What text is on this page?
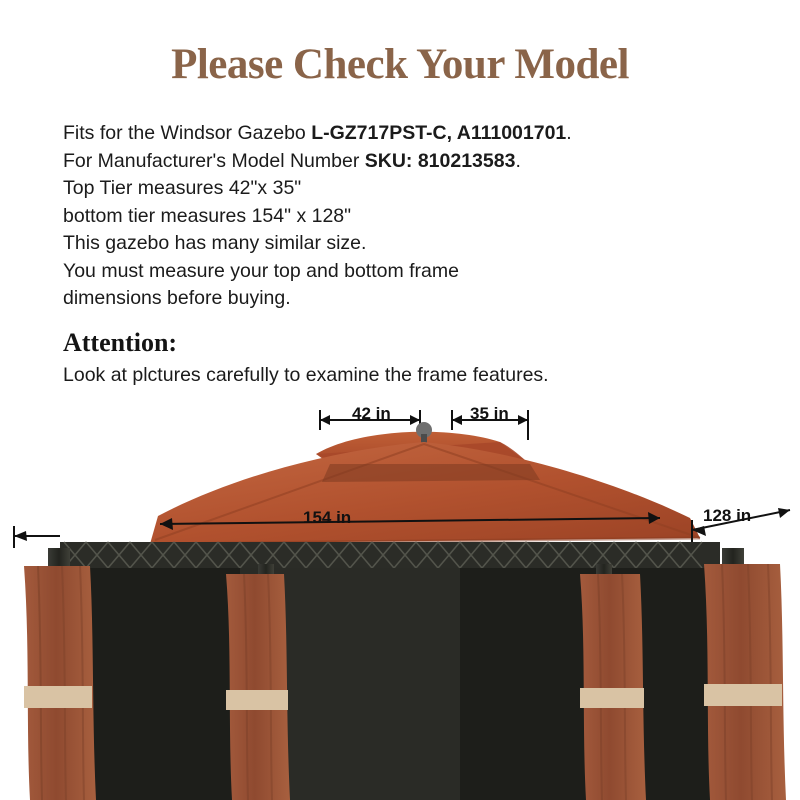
Please Check Your Model
Fits for the Windsor Gazebo L-GZ717PST-C, A111001701.
For Manufacturer's Model Number SKU: 810213583.
Top Tier measures 42"x 35"
bottom tier measures 154" x 128"
This gazebo has many similar size.
You must measure your top and bottom frame
dimensions before buying.
Attention:
Look at plctures carefully to examine the frame features.
42 in	35 in
154 in	128 in
